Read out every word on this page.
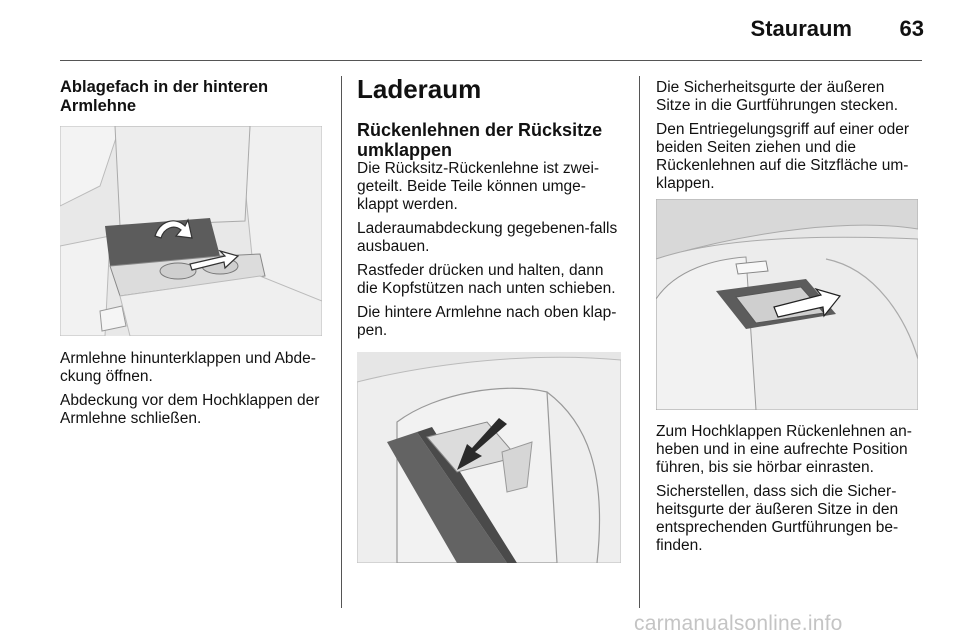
Stauraum	63
Ablagefach in der hinteren Armlehne

Armlehne hinunterklappen und Abde-ckung öffnen.

Abdeckung vor dem Hochklappen der Armlehne schließen.

Laderaum
Rückenlehnen der Rücksitze umklappen

Die Rücksitz-Rückenlehne ist zwei-geteilt. Beide Teile können umge-klappt werden.

Laderaumabdeckung gegebenen-falls ausbauen.

Rastfeder drücken und halten, dann die Kopfstützen nach unten schieben.

Die hintere Armlehne nach oben klap-pen.

Die Sicherheitsgurte der äußeren Sitze in die Gurtführungen stecken.

Den Entriegelungsgriff auf einer oder beiden Seiten ziehen und die Rückenlehnen auf die Sitzfläche um-klappen.

Zum Hochklappen Rückenlehnen an-heben und in eine aufrechte Position führen, bis sie hörbar einrasten.

Sicherstellen, dass sich die Sicher-heitsgurte der äußeren Sitze in den entsprechenden Gurtführungen be-finden.

carmanualsonline.info
